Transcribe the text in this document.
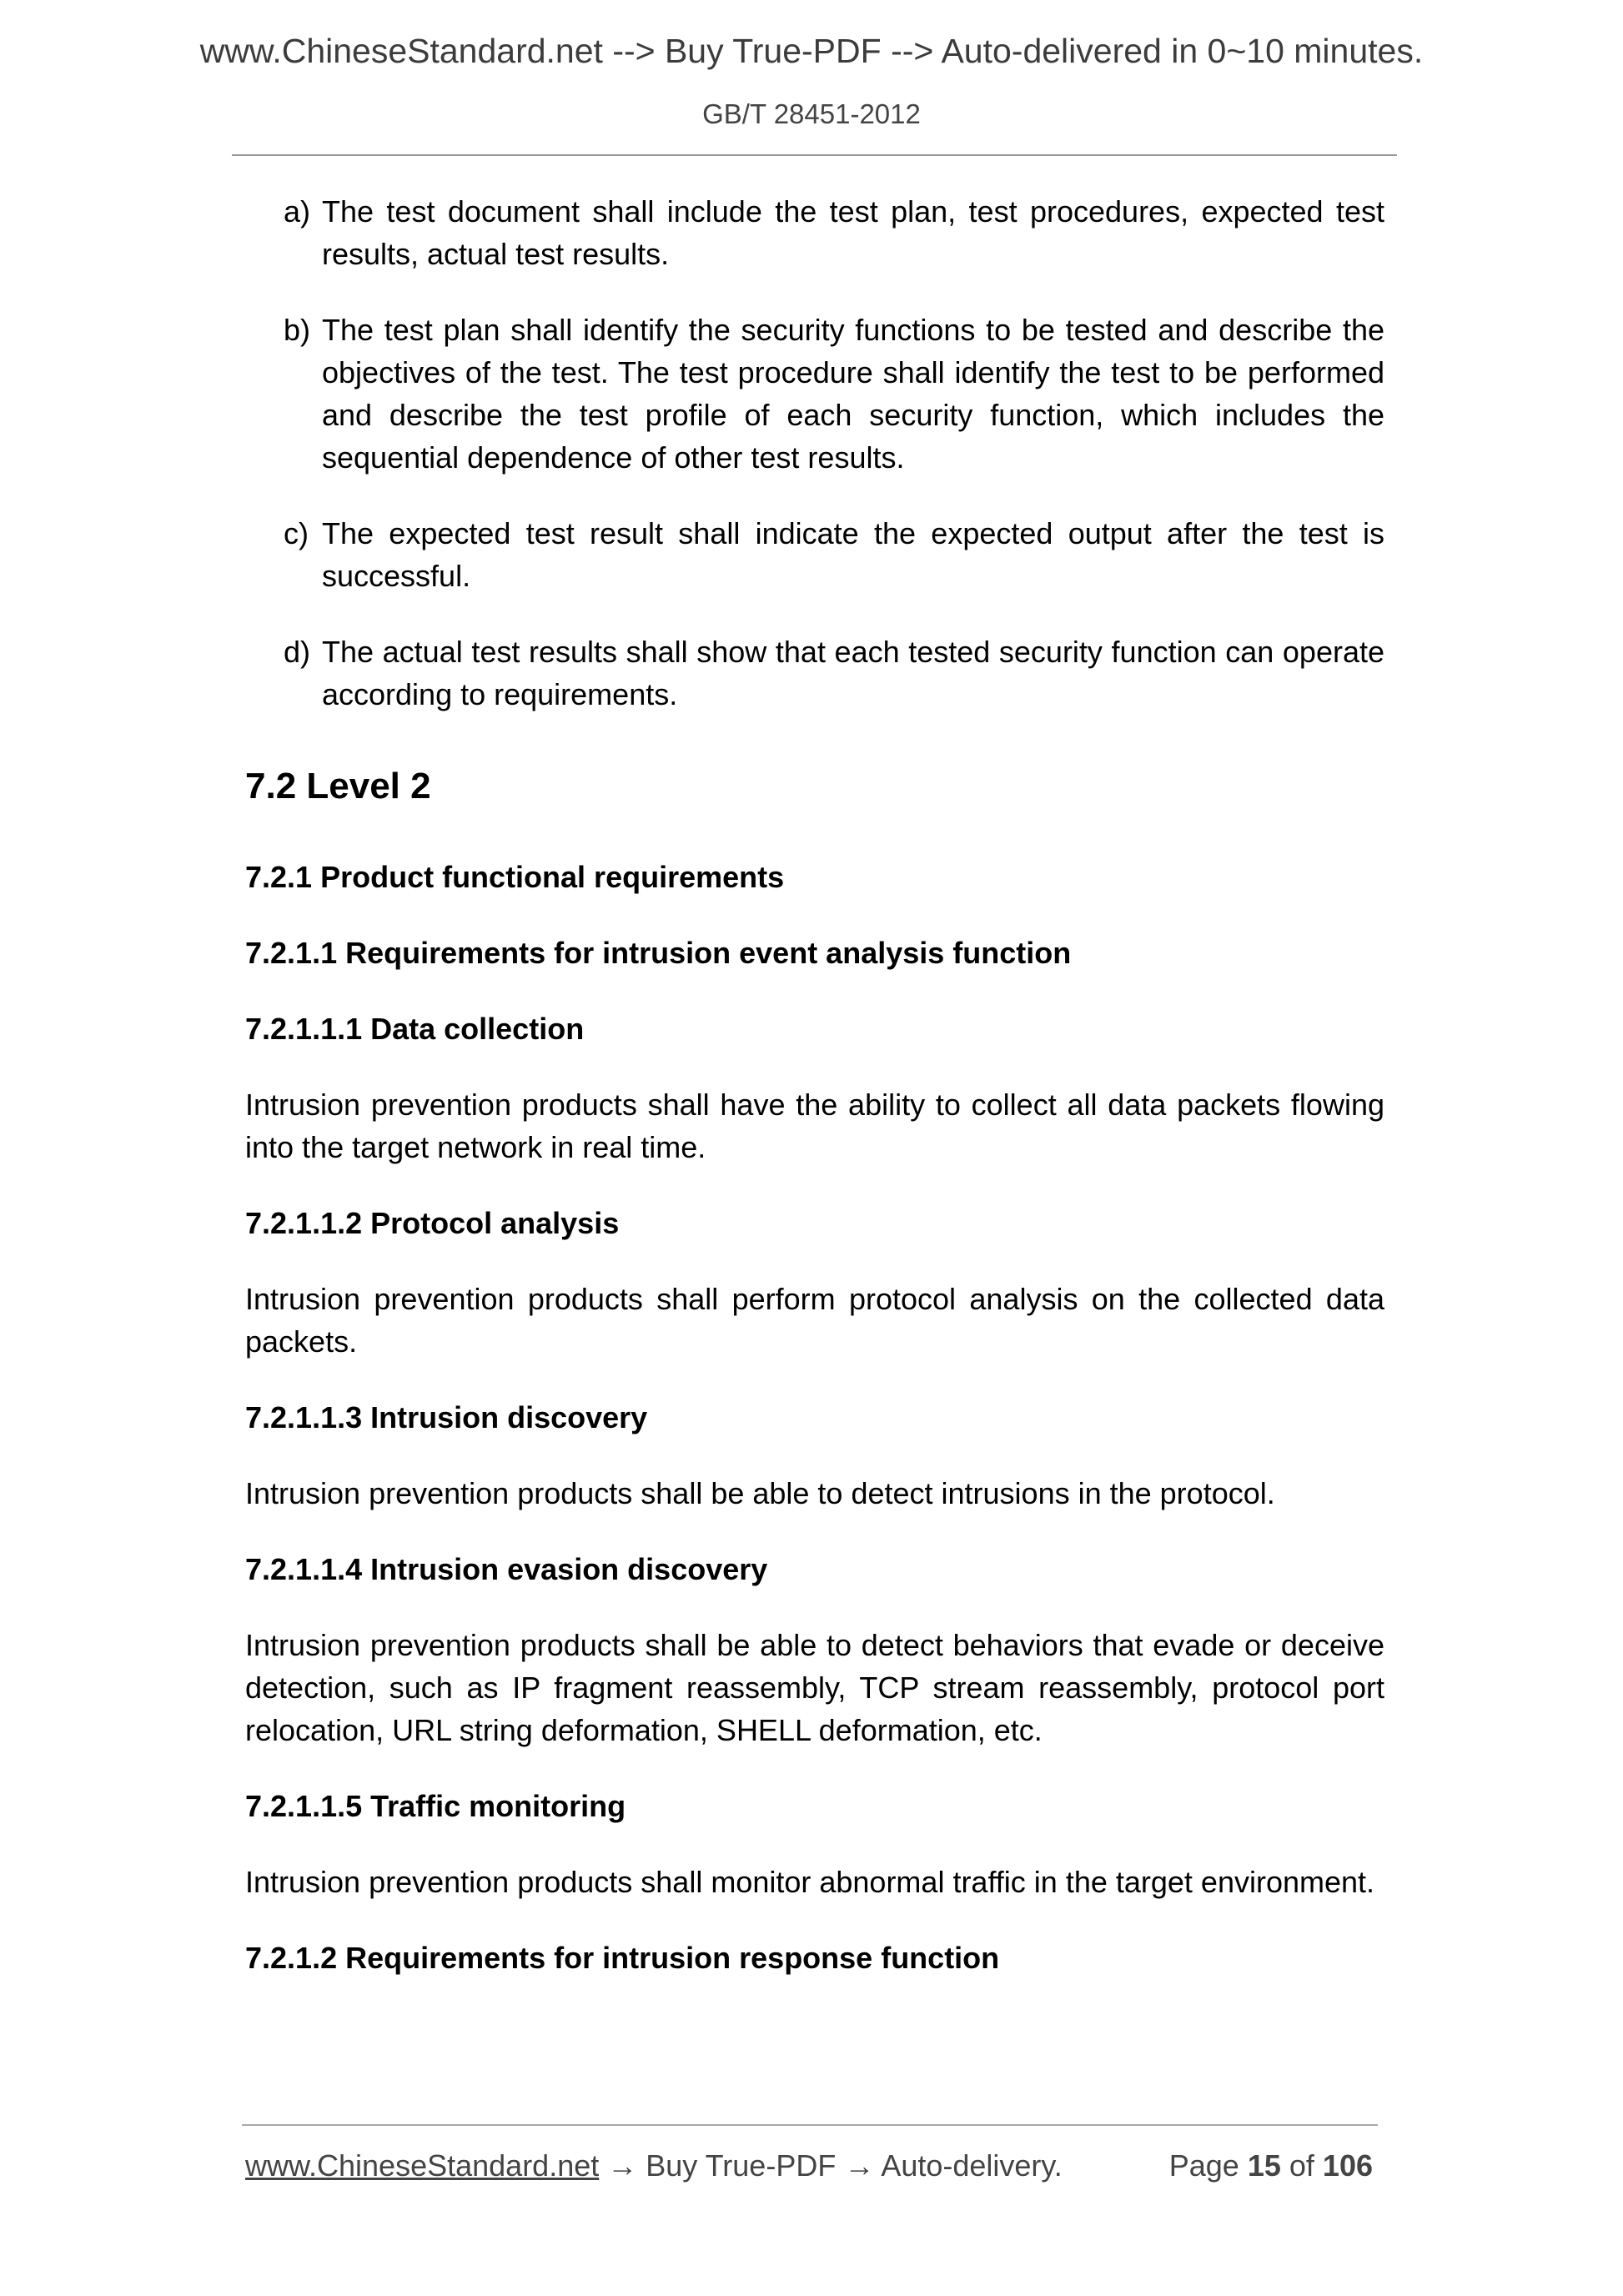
www.ChineseStandard.net --> Buy True-PDF --> Auto-delivered in 0~10 minutes.
GB/T 28451-2012
a) The test document shall include the test plan, test procedures, expected test results, actual test results.
b) The test plan shall identify the security functions to be tested and describe the objectives of the test. The test procedure shall identify the test to be performed and describe the test profile of each security function, which includes the sequential dependence of other test results.
c) The expected test result shall indicate the expected output after the test is successful.
d) The actual test results shall show that each tested security function can operate according to requirements.
7.2 Level 2
7.2.1 Product functional requirements
7.2.1.1 Requirements for intrusion event analysis function
7.2.1.1.1 Data collection

Intrusion prevention products shall have the ability to collect all data packets flowing into the target network in real time.

7.2.1.1.2 Protocol analysis

Intrusion prevention products shall perform protocol analysis on the collected data packets.

7.2.1.1.3 Intrusion discovery

Intrusion prevention products shall be able to detect intrusions in the protocol.

7.2.1.1.4 Intrusion evasion discovery

Intrusion prevention products shall be able to detect behaviors that evade or deceive detection, such as IP fragment reassembly, TCP stream reassembly, protocol port relocation, URL string deformation, SHELL deformation, etc.

7.2.1.1.5 Traffic monitoring

Intrusion prevention products shall monitor abnormal traffic in the target environment.

7.2.1.2 Requirements for intrusion response function
www.ChineseStandard.net → Buy True-PDF → Auto-delivery.	Page 15 of 106
